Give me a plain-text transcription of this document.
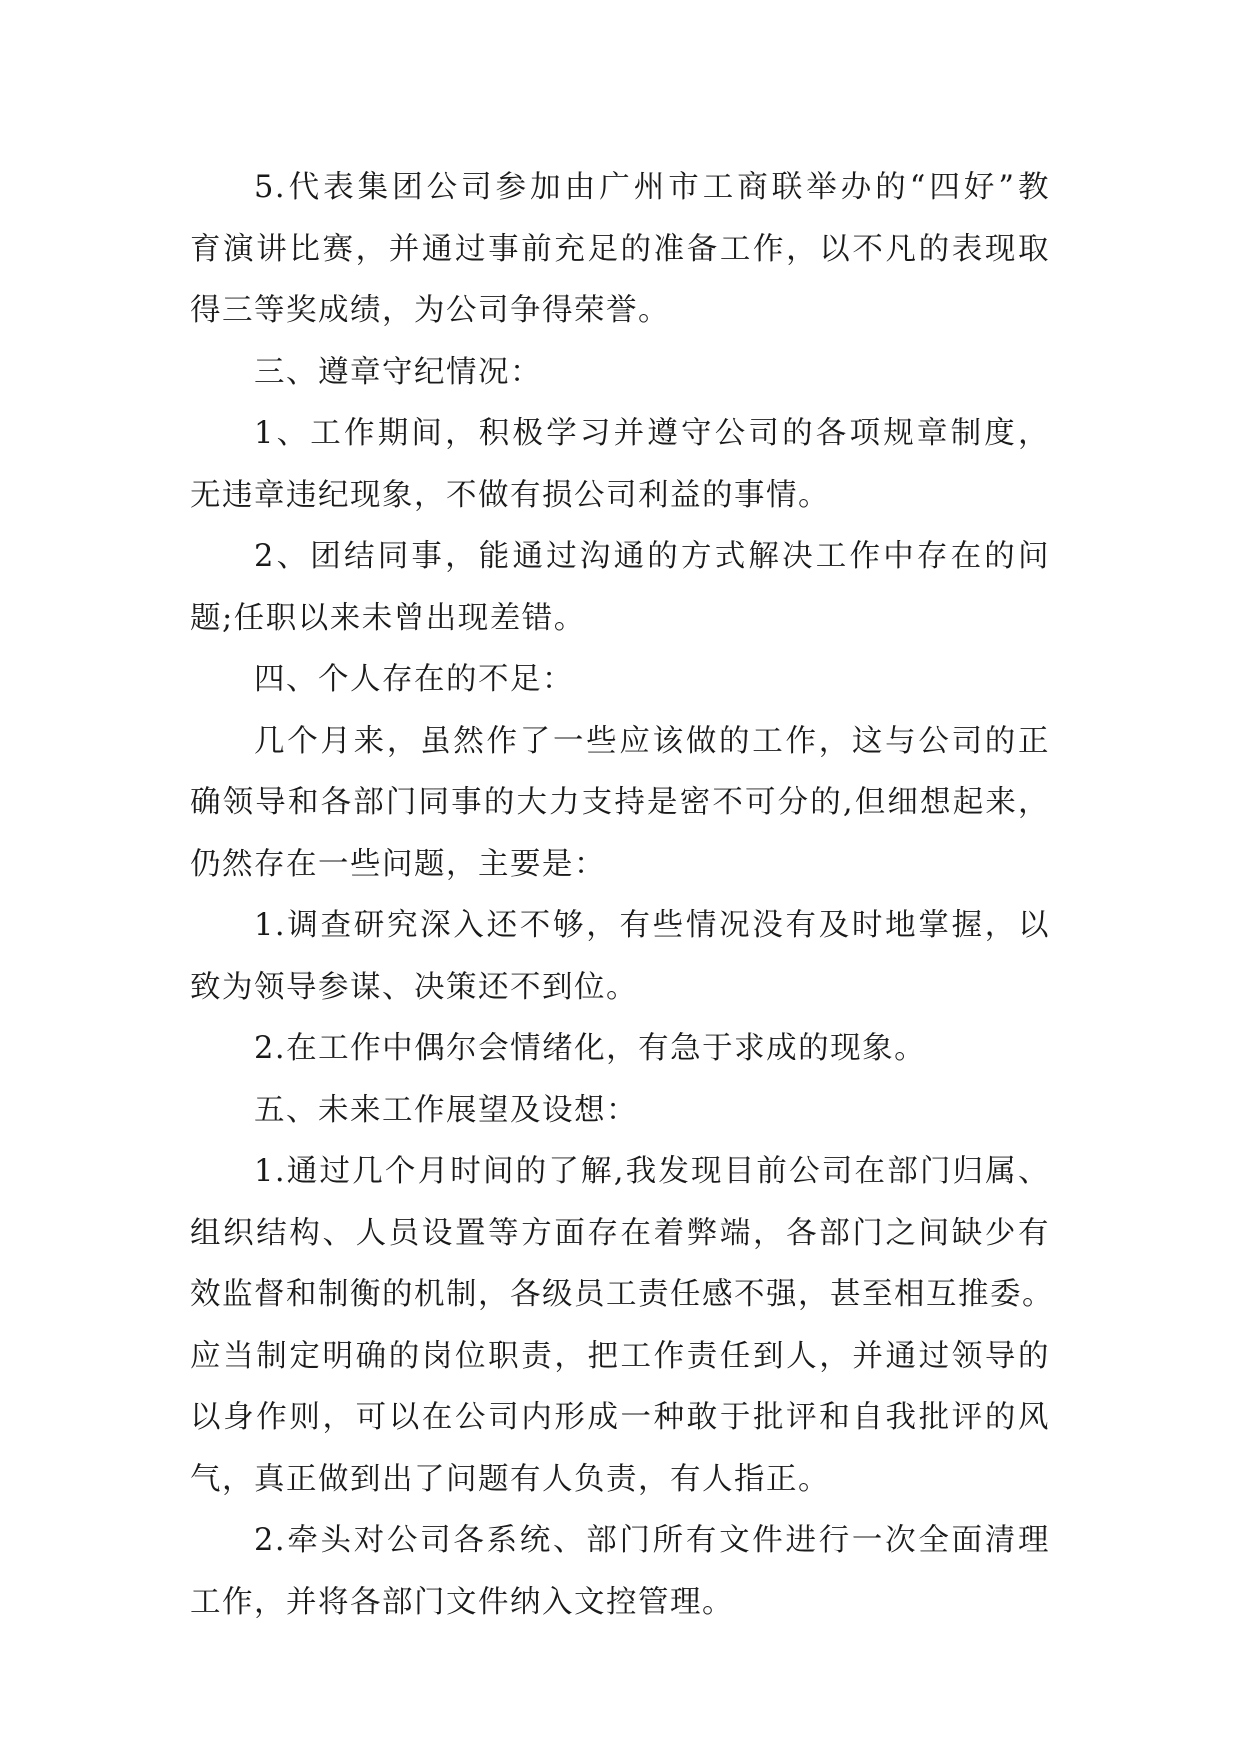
5.代表集团公司参加由广州市工商联举办的“四好”教
育演讲比赛，并通过事前充足的准备工作，以不凡的表现取
得三等奖成绩，为公司争得荣誉。
三、遵章守纪情况：
1、工作期间，积极学习并遵守公司的各项规章制度，
无违章违纪现象，不做有损公司利益的事情。
2、团结同事，能通过沟通的方式解决工作中存在的问
题;任职以来未曾出现差错。
四、个人存在的不足：
几个月来，虽然作了一些应该做的工作，这与公司的正
确领导和各部门同事的大力支持是密不可分的,但细想起来，
仍然存在一些问题，主要是：
1.调查研究深入还不够，有些情况没有及时地掌握，以
致为领导参谋、决策还不到位。
2.在工作中偶尔会情绪化，有急于求成的现象。
五、未来工作展望及设想：
1.通过几个月时间的了解,我发现目前公司在部门归属、
组织结构、人员设置等方面存在着弊端，各部门之间缺少有
效监督和制衡的机制，各级员工责任感不强，甚至相互推委。
应当制定明确的岗位职责，把工作责任到人，并通过领导的
以身作则，可以在公司内形成一种敢于批评和自我批评的风
气，真正做到出了问题有人负责，有人指正。
2.牵头对公司各系统、部门所有文件进行一次全面清理
工作，并将各部门文件纳入文控管理。
